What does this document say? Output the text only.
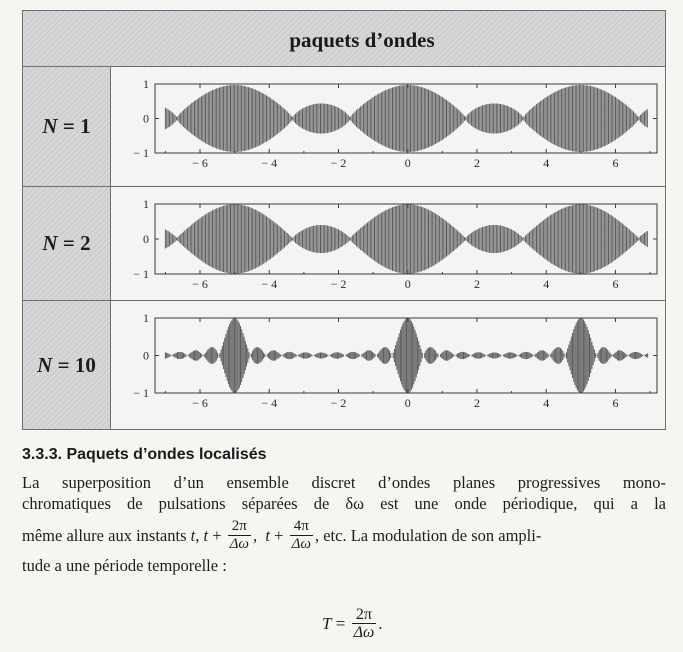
paquets d’ondes
N = 1
− 6	− 4	− 2	0	2	4	6
− 1
0
1
N = 2
− 6	− 4	− 2	0	2	4	6
− 1
0
1
N = 10
− 6	− 4	− 2	0	2	4	6
− 1
0
1
3.3.3. Paquets d’ondes localisés
La superposition d’un ensemble discret d’ondes planes progressives mono-
chromatiques de pulsations séparées de δω est une onde périodique, qui a la
même allure aux instants t , $t + \frac{2\pi}{\Delta\omega}$ , $t + \frac{4\pi}{\Delta\omega}$ , etc. La modulation de son ampli-
tude a une période temporelle :
$T = \frac{2\pi}{\Delta\omega}$ .
